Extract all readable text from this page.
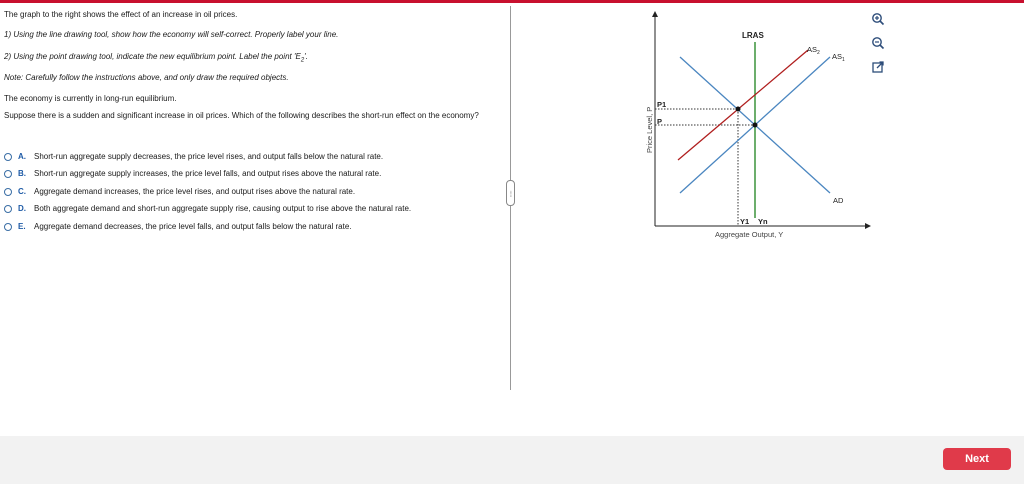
The graph to the right shows the effect of an increase in oil prices.

1) Using the line drawing tool, show how the economy will self-correct. Properly label your line.

2) Using the point drawing tool, indicate the new equilibrium point. Label the point '$E_2$'.

Note: Carefully follow the instructions above, and only draw the required objects.

The economy is currently in long-run equilibrium.

Suppose there is a sudden and significant increase in oil prices. Which of the following describes the short-run effect on the economy?

A. Short-run aggregate supply decreases, the price level rises, and output falls below the natural rate.
B. Short-run aggregate supply increases, the price level falls, and output rises above the natural rate.
C. Aggregate demand increases, the price level rises, and output rises above the natural rate.
D. Both aggregate demand and short-run aggregate supply rise, causing output to rise above the natural rate.
E. Aggregate demand decreases, the price level falls, and output falls below the natural rate.
·····
Price Level, P
Aggregate Output, Y
LRAS
$AS_2$ $AS_1$
AD
P1
P
Y1 Yn
Next
